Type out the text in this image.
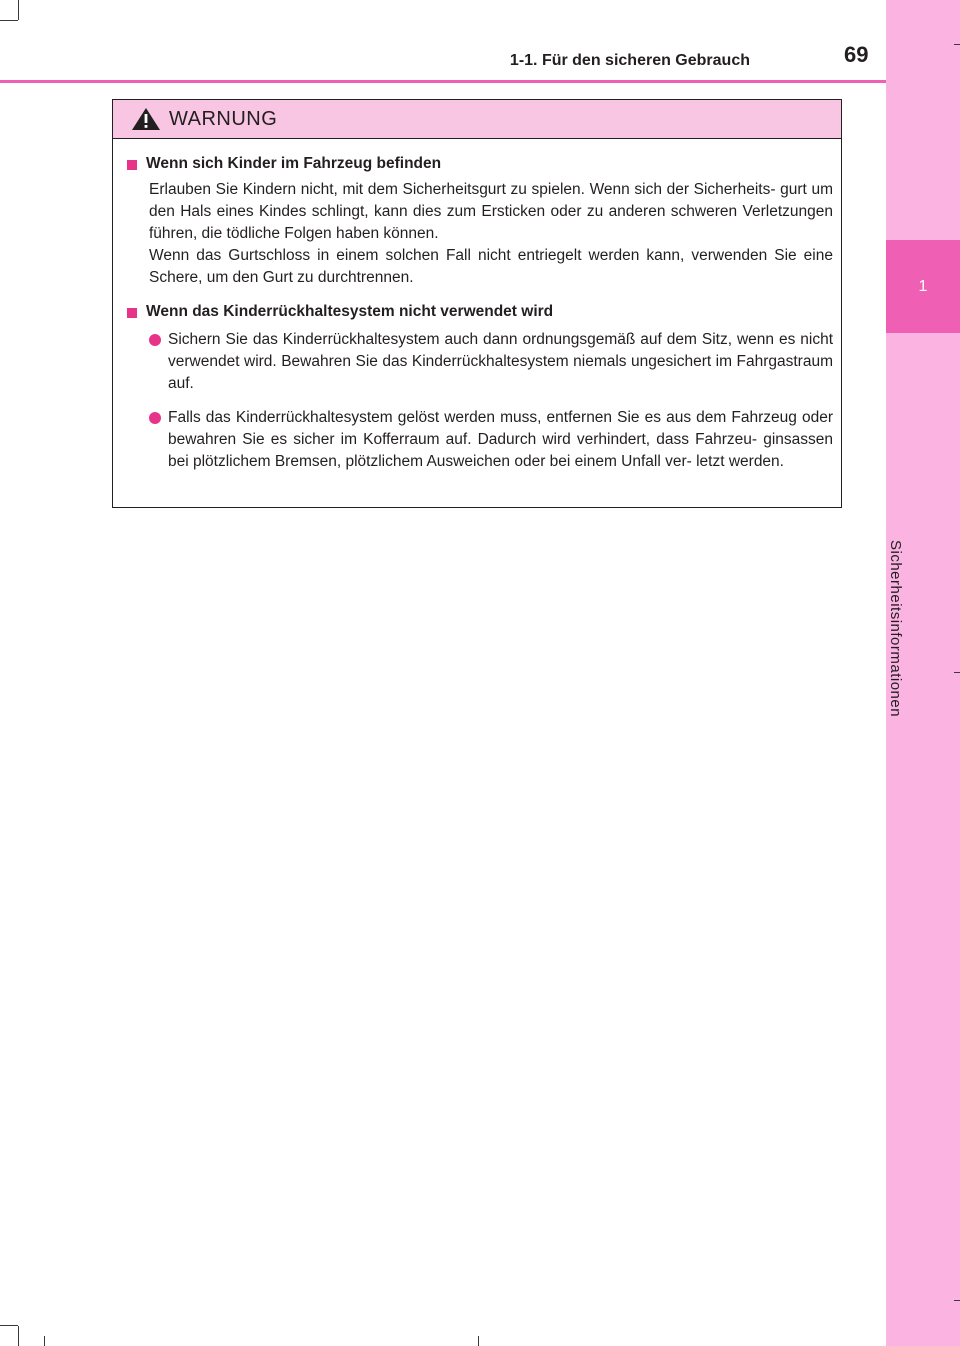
1
Sicherheitsinformationen
1-1. Für den sicheren Gebrauch	69
WARNUNG
Wenn sich Kinder im Fahrzeug befinden
Erlauben Sie Kindern nicht, mit dem Sicherheitsgurt zu spielen. Wenn sich der Sicherheits- gurt um den Hals eines Kindes schlingt, kann dies zum Ersticken oder zu anderen schweren Verletzungen führen, die tödliche Folgen haben können.
Wenn das Gurtschloss in einem solchen Fall nicht entriegelt werden kann, verwenden Sie eine Schere, um den Gurt zu durchtrennen.
Wenn das Kinderrückhaltesystem nicht verwendet wird
Sichern Sie das Kinderrückhaltesystem auch dann ordnungsgemäß auf dem Sitz, wenn es nicht verwendet wird. Bewahren Sie das Kinderrückhaltesystem niemals ungesichert im Fahrgastraum auf.
Falls das Kinderrückhaltesystem gelöst werden muss, entfernen Sie es aus dem Fahrzeug oder bewahren Sie es sicher im Kofferraum auf. Dadurch wird verhindert, dass Fahrzeu- ginsassen bei plötzlichem Bremsen, plötzlichem Ausweichen oder bei einem Unfall ver- letzt werden.
